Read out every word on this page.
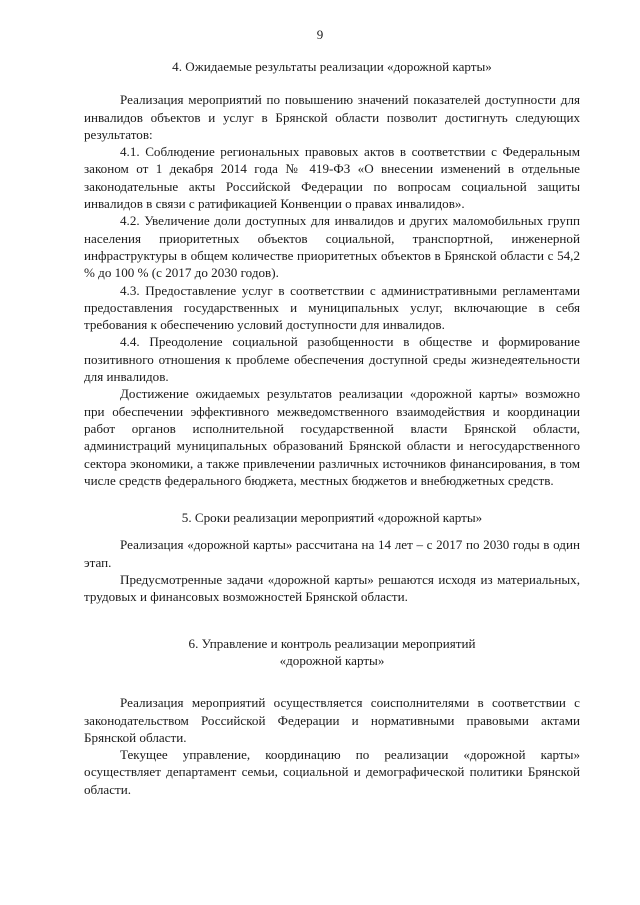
9
4. Ожидаемые результаты реализации «дорожной карты»

Реализация мероприятий по повышению значений показателей доступности для инвалидов объектов и услуг в Брянской области позволит достигнуть следующих результатов:

4.1. Соблюдение региональных правовых актов в соответствии с Федеральным законом от 1 декабря 2014 года № 419-ФЗ «О внесении изменений в отдельные законодательные акты Российской Федерации по вопросам социальной защиты инвалидов в связи с ратификацией Конвенции о правах инвалидов».

4.2. Увеличение доли доступных для инвалидов и других маломобильных групп населения приоритетных объектов социальной, транспортной, инженерной инфраструктуры в общем количестве приоритетных объектов в Брянской области с 54,2 % до 100 % (с 2017 до 2030 годов).

4.3. Предоставление услуг в соответствии с административными регламентами предоставления государственных и муниципальных услуг, включающие в себя требования к обеспечению условий доступности для инвалидов.

4.4. Преодоление социальной разобщенности в обществе и формирование позитивного отношения к проблеме обеспечения доступной среды жизнедеятельности для инвалидов.

Достижение ожидаемых результатов реализации «дорожной карты» возможно при обеспечении эффективного межведомственного взаимодействия и координации работ органов исполнительной государственной власти Брянской области, администраций муниципальных образований Брянской области и негосударственного сектора экономики, а также привлечении различных источников финансирования, в том числе средств федерального бюджета, местных бюджетов и внебюджетных средств.

5. Сроки реализации мероприятий «дорожной карты»

Реализация «дорожной карты» рассчитана на 14 лет – с 2017 по 2030 годы в один этап.

Предусмотренные задачи «дорожной карты» решаются исходя из материальных, трудовых и финансовых возможностей Брянской области.

6. Управление и контроль реализации мероприятий
«дорожной карты»

Реализация мероприятий осуществляется соисполнителями в соответствии с законодательством Российской Федерации и нормативными правовыми актами Брянской области.

Текущее управление, координацию по реализации «дорожной карты» осуществляет департамент семьи, социальной и демографической политики Брянской области.
